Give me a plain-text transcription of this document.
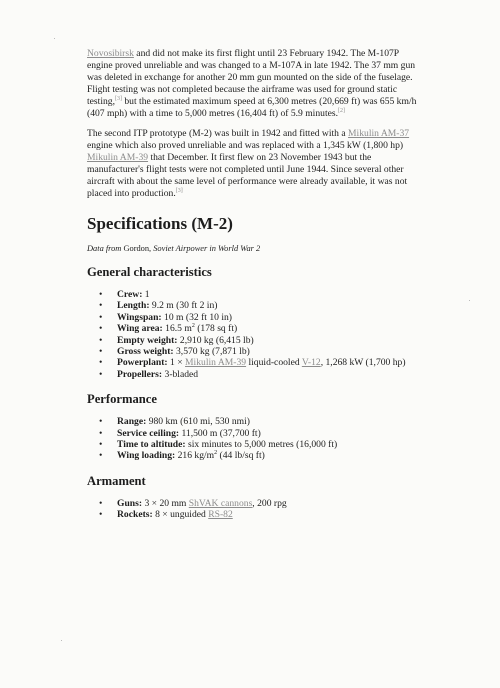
Novosibirsk and did not make its first flight until 23 February 1942. The M-107P
engine proved unreliable and was changed to a M-107A in late 1942. The 37 mm gun
was deleted in exchange for another 20 mm gun mounted on the side of the fuselage.
Flight testing was not completed because the airframe was used for ground static
testing,[3] but the estimated maximum speed at 6,300 metres (20,669 ft) was 655 km/h
(407 mph) with a time to 5,000 metres (16,404 ft) of 5.9 minutes.[2]

The second ITP prototype (M-2) was built in 1942 and fitted with a Mikulin AM-37
engine which also proved unreliable and was replaced with a 1,345 kW (1,800 hp)
Mikulin AM-39 that December. It first flew on 23 November 1943 but the
manufacturer's flight tests were not completed until June 1944. Since several other
aircraft with about the same level of performance were already available, it was not
placed into production.[3]

Specifications (M-2)

Data from Gordon, Soviet Airpower in World War 2

General characteristics
• Crew: 1
• Length: 9.2 m (30 ft 2 in)
• Wingspan: 10 m (32 ft 10 in)
• Wing area: 16.5 $m^2$ (178 sq ft)
• Empty weight: 2,910 kg (6,415 lb)
• Gross weight: 3,570 kg (7,871 lb)
• Powerplant: 1 × Mikulin AM-39 liquid-cooled V-12, 1,268 kW (1,700 hp)
• Propellers: 3-bladed
Performance
• Range: 980 km (610 mi, 530 nmi)
• Service ceiling: 11,500 m (37,700 ft)
• Time to altitude: six minutes to 5,000 metres (16,000 ft)
• Wing loading: 216 $kg/m^2$ (44 lb/sq ft)
Armament
• Guns: 3 × 20 mm ShVAK cannons, 200 rpg
• Rockets: 8 × unguided RS-82
